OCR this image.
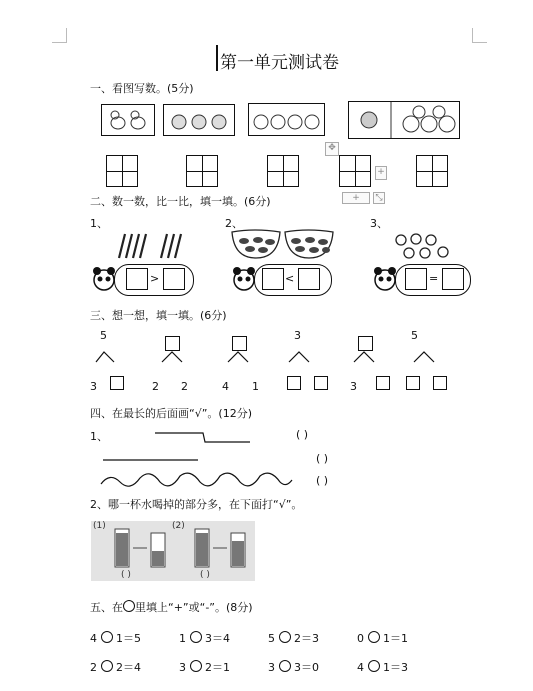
第一单元测试卷
一、看图写数。(5分)
✥
+
+	⤡
二、数一数，比一比，填一填。(6分)
1、	2、	3、
>	<	=
三、想一想，填一填。(6分)
5	3	5
3	2 2	4 1	3
四、在最长的后面画“√”。(12分)
1、	( )
( )
( )
2、哪一杯水喝掉的部分多，在下面打“√”。
(1)	(2)
( )	( )
五、在 里填上“+”或“-”。(8分)
4 1＝5	1 3＝4	5 2＝3	0 1＝1
2 2＝4	3 2＝1	3 3＝0	4 1＝3
